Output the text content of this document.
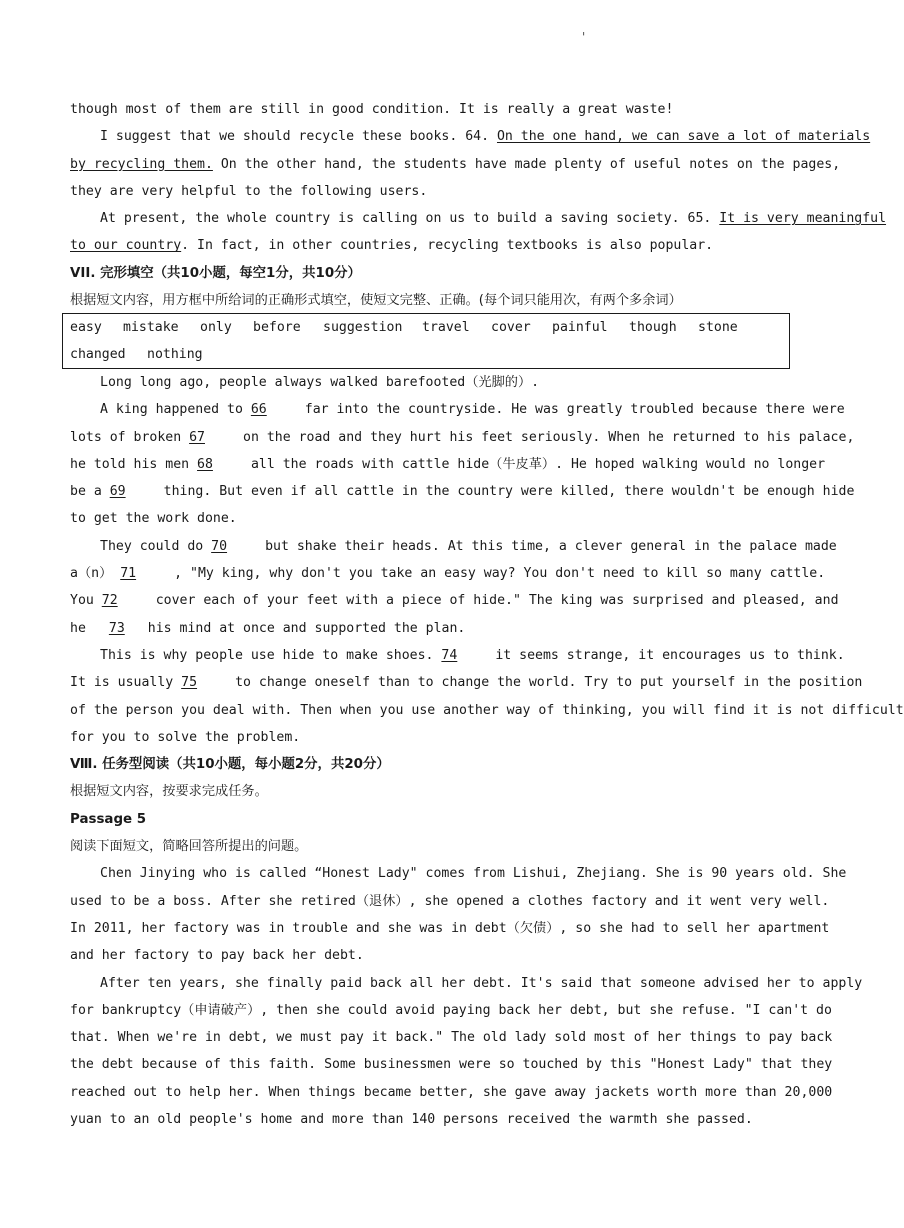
'
though most of them are still in good condition. It is really a great waste!
I suggest that we should recycle these books. 64. On the one hand, we can save a lot of materials
by recycling them. On the other hand, the students have made plenty of useful notes on the pages,
they are very helpful to the following users.
At present, the whole country is calling on us to build a saving society. 65. It is very meaningful
to our country. In fact, in other countries, recycling textbooks is also popular.
VII. 完形填空（共10小题，每空1分，共10分）
根据短文内容，用方框中所给词的正确形式填空，使短文完整、正确。(每个词只能用次，有两个多余词）
Long long ago, people always walked barefooted（光脚的）.
A king happened to 66 far into the countryside. He was greatly troubled because there were
lots of broken 67 on the road and they hurt his feet seriously. When he returned to his palace,
he told his men 68 all the roads with cattle hide（牛皮革）. He hoped walking would no longer
be a 69 thing. But even if all cattle in the country were killed, there wouldn't be enough hide
to get the work done.
They could do 70 but shake their heads. At this time, a clever general in the palace made
a（n） 71 , "My king, why don't you take an easy way? You don't need to kill so many cattle.
You 72 cover each of your feet with a piece of hide." The king was surprised and pleased, and
he 73 his mind at once and supported the plan.
This is why people use hide to make shoes. 74 it seems strange, it encourages us to think.
It is usually 75 to change oneself than to change the world. Try to put yourself in the position
of the person you deal with. Then when you use another way of thinking, you will find it is not difficult
for you to solve the problem.
Ⅷ. 任务型阅读（共10小题，每小题2分，共20分）
根据短文内容，按要求完成任务。
Passage 5
阅读下面短文，简略回答所提出的问题。
Chen Jinying who is called “Honest Lady" comes from Lishui, Zhejiang. She is 90 years old. She
used to be a boss. After she retired（退休）, she opened a clothes factory and it went very well.
In 2011, her factory was in trouble and she was in debt（欠债）, so she had to sell her apartment
and her factory to pay back her debt.
After ten years, she finally paid back all her debt. It's said that someone advised her to apply
for bankruptcy（申请破产）, then she could avoid paying back her debt, but she refuse. "I can't do
that. When we're in debt, we must pay it back." The old lady sold most of her things to pay back
the debt because of this faith. Some businessmen were so touched by this "Honest Lady" that they
reached out to help her. When things became better, she gave away jackets worth more than 20,000
yuan to an old people's home and more than 140 persons received the warmth she passed.
easy mistake only before suggestion travel cover painful though stone
changed nothing
